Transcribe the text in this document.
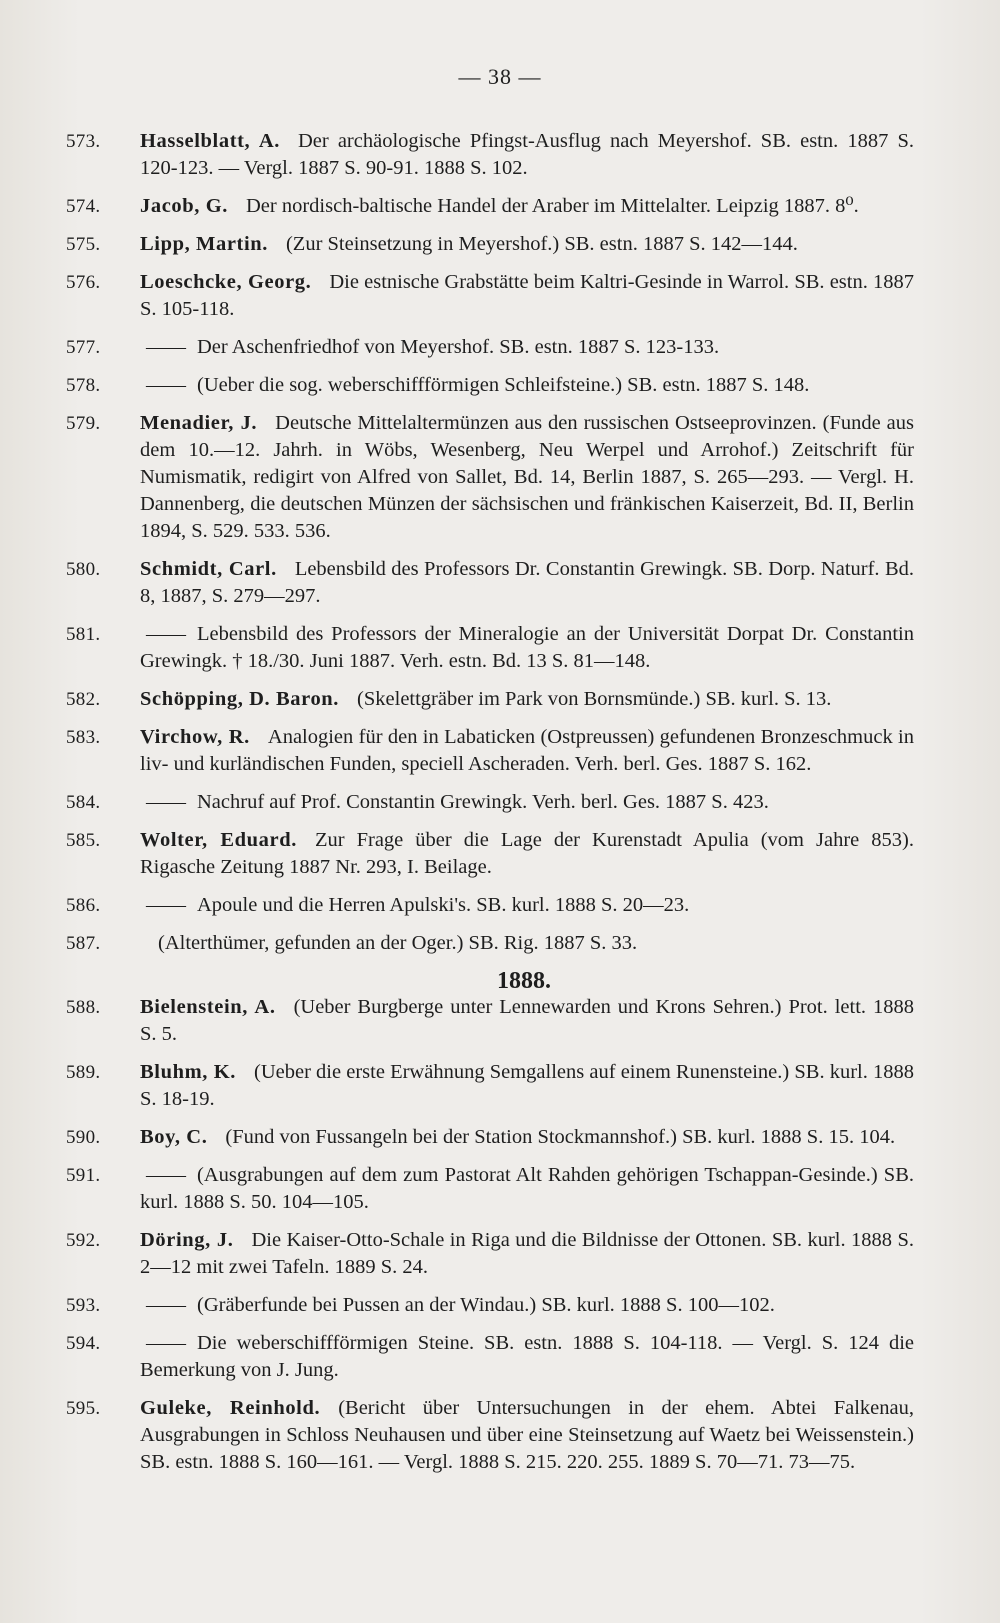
— 38 —
573.	Hasselblatt, A. Der archäologische Pfingst-Ausflug nach Meyershof. SB. estn. 1887 S. 120-123. — Vergl. 1887 S. 90-91. 1888 S. 102.
574.	Jacob, G. Der nordisch-baltische Handel der Araber im Mittelalter. Leipzig 1887. 8⁰.
575.	Lipp, Martin. (Zur Steinsetzung in Meyershof.) SB. estn. 1887 S. 142—144.
576.	Loeschcke, Georg. Die estnische Grabstätte beim Kaltri-Gesinde in Warrol. SB. estn. 1887 S. 105-118.
577.	—— Der Aschenfriedhof von Meyershof. SB. estn. 1887 S. 123-133.
578.	—— (Ueber die sog. weberschiffförmigen Schleifsteine.) SB. estn. 1887 S. 148.
579.	Menadier, J. Deutsche Mittelaltermünzen aus den russischen Ostseeprovinzen. (Funde aus dem 10.—12. Jahrh. in Wöbs, Wesenberg, Neu Werpel und Arrohof.) Zeitschrift für Numismatik, redigirt von Alfred von Sallet, Bd. 14, Berlin 1887, S. 265—293. — Vergl. H. Dannenberg, die deutschen Münzen der sächsischen und fränkischen Kaiserzeit, Bd. II, Berlin 1894, S. 529. 533. 536.
580.	Schmidt, Carl. Lebensbild des Professors Dr. Constantin Grewingk. SB. Dorp. Naturf. Bd. 8, 1887, S. 279—297.
581.	—— Lebensbild des Professors der Mineralogie an der Universität Dorpat Dr. Constantin Grewingk. † 18./30. Juni 1887. Verh. estn. Bd. 13 S. 81—148.
582.	Schöpping, D. Baron. (Skelettgräber im Park von Bornsmünde.) SB. kurl. S. 13.
583.	Virchow, R. Analogien für den in Labaticken (Ostpreussen) gefundenen Bronzeschmuck in liv- und kurländischen Funden, speciell Ascheraden. Verh. berl. Ges. 1887 S. 162.
584.	—— Nachruf auf Prof. Constantin Grewingk. Verh. berl. Ges. 1887 S. 423.
585.	Wolter, Eduard. Zur Frage über die Lage der Kurenstadt Apulia (vom Jahre 853). Rigasche Zeitung 1887 Nr. 293, I. Beilage.
586.	—— Apoule und die Herren Apulski's. SB. kurl. 1888 S. 20—23.
587.	(Alterthümer, gefunden an der Oger.) SB. Rig. 1887 S. 33.
1888.
588.	Bielenstein, A. (Ueber Burgberge unter Lennewarden und Krons Sehren.) Prot. lett. 1888 S. 5.
589.	Bluhm, K. (Ueber die erste Erwähnung Semgallens auf einem Runensteine.) SB. kurl. 1888 S. 18-19.
590.	Boy, C. (Fund von Fussangeln bei der Station Stockmannshof.) SB. kurl. 1888 S. 15. 104.
591.	—— (Ausgrabungen auf dem zum Pastorat Alt Rahden gehörigen Tschappan-Gesinde.) SB. kurl. 1888 S. 50. 104—105.
592.	Döring, J. Die Kaiser-Otto-Schale in Riga und die Bildnisse der Ottonen. SB. kurl. 1888 S. 2—12 mit zwei Tafeln. 1889 S. 24.
593.	—— (Gräberfunde bei Pussen an der Windau.) SB. kurl. 1888 S. 100—102.
594.	—— Die weberschiffförmigen Steine. SB. estn. 1888 S. 104-118. — Vergl. S. 124 die Bemerkung von J. Jung.
595.	Guleke, Reinhold. (Bericht über Untersuchungen in der ehem. Abtei Falkenau, Ausgrabungen in Schloss Neuhausen und über eine Steinsetzung auf Waetz bei Weissenstein.) SB. estn. 1888 S. 160—161. — Vergl. 1888 S. 215. 220. 255. 1889 S. 70—71. 73—75.
